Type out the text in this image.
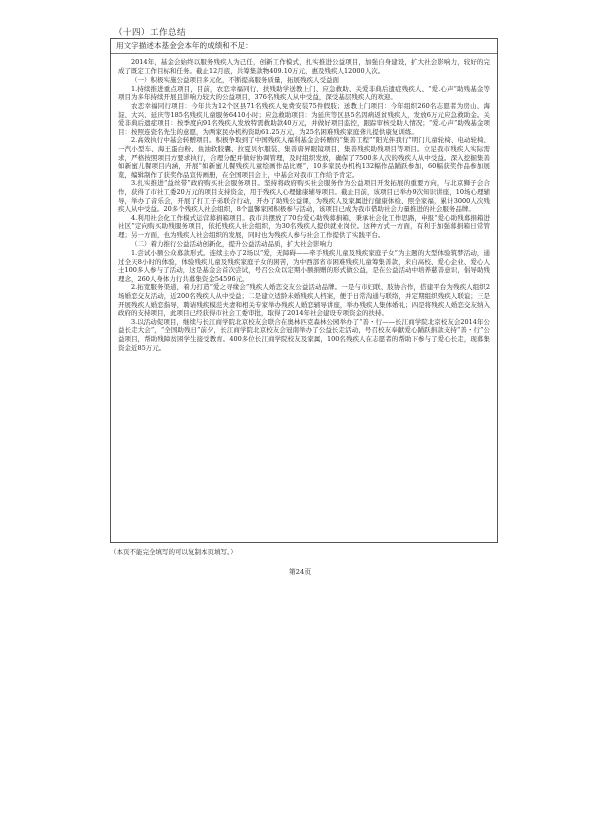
（十四）工作总结
用文字描述本基金会本年的成绩和不足：

2014年，基金会始终以服务残疾人为己任，创新工作模式，扎实推进公益项目，加强自身建设，扩大社会影响力，较好的完成了既定工作目标和任务。截止12月底，共筹集款物409.10万元，惠及残疾人12000人次。

（一）积极实施公益项目多元化，不断提高服务质量，拓展残疾人受益面

1.持续推进重点项目，目前，农恋幸福同行、扶残助学送教上门、应急救助、关爱非典后遗症残疾人、“爱.心声”助残基金等项目为多年持续开展且影响力较大的公益项目，376名残疾人从中受益，深受基层残疾人的欢迎。

农恋幸福同行项目：今年共为12个区县71名残疾人免费安装75件假肢；送教上门项目：今年组织260名志愿者为房山、海淀、大兴、延庆等185名残疾儿童服务6410小时；应急救助项目：为延庆等区县5名因病返贫残疾人，发放6万元应急救助金。关爱非典后遗症项目：按季度向91名残疾人发放特需救助款40万元，并做好项目监控，跟踪审核受助人情况；“爱.心声”助残基金项目：按照连瓷名先生的意愿，为两家民办机构资助61.25万元，为25名困难残疾家庭聋儿提供康复训练。

2.高效执行中基会转赠项目。积极争取到了中国残疾人福利基金会转赠的“集善工程”“阳光伴我行”明门儿童轮椅、电动轮椅、一汽小型车、海王蛋白粉、鱼油软胶囊、拉夏贝尔服装、集善唐昇眼镜项目、集善残疾助残项目等项目。立足我市残疾人实际需求，严格按照项目方要求执行，合理分配并做好协调管理，及时组织发放，确保了7500多人次的残疾人从中受益。深入挖掘集善如新蜜儿餐项目内涵，开展“如新蜜儿餐残疾儿童绘画作品比赛”，10多家民办机构132幅作品踊跃参加，60幅获奖作品参加展览，编辑制作了获奖作品宣传画册，在全国项目会上，中基会对我市工作给予肯定。

3.扎实推进“益丝带”政府购买社会服务项目。坚持将政府购买社会服务作为公益项目开发拓展的重要方向，与北京狮子会合作，获得了市社工委20万元的项目支持资金，用于残疾人心理健康辅导项目。截止目前，该项目已举办9次知识讲座，10场心理辅导，举办了音乐会，开展了打工子弟联合行动，开办了助残公益课，为残疾人及家属进行健康体检、照全家福，累计3000人次残疾人从中受益。20多个残疾人社会组织，8个温馨家园积极参与活动，该项目已成为我市借助社会力量推进的社会服务品牌。

4.利用社会化工作模式运营募捐箱项目。我市共摆放了70台爱心助残募捐箱，秉承社会化工作思路，申报“爱心助残募捐箱进社区”定向购买助残服务项目，依托残疾人社会组织，为30名残疾人提供就业岗位。这种方式一方面，有利于加强募捐箱日常管理；另一方面，也为残疾人社会组织的发展，同时也为残疾人参与社会工作提供了实践平台。

（二）着力推行公益活动创新化，提升公益活动品质，扩大社会影响力

1.尝试小额公众募款形式。连续主办了2场以“爱，无障碍——牵手残疾儿童及残疾家庭子女”为主题的大型体验筑梦活动，通过全天8小时的体验，体验残疾儿童及残疾家庭子女的困苦，为中西部省市困难残疾儿童筹集善款，来自高校、爱心企业、爱心人士100多人参与了活动，这是基金会首次尝试，号召公众以定期小额捐赠的形式做公益，是在公益活动中培养慈善意识，倡导助残理念，260人身体力行共募集资金54596元。

2.拓宽服务渠道，着力打造“爱之寻缘会”残疾人婚恋交友公益活动品牌。一是与市妇联、肢协合作，搭建平台为残疾人组织2场婚恋交友活动，近200名残疾人从中受益；二是建立适龄未婚残疾人档案，便于日常沟通与联络，并定期组织残疾人联谊；三是开展残疾人婚恋指导，聘请残疾模范夫妻和相关专家举办残疾人婚恋辅导讲座，举办残疾人集体婚礼；四是将残疾人婚恋交友纳入政府的支持项目，此项目已经获得市社会工委审批，取得了2014年社会建设专项资金的扶持。

3.以活动促项目，继续与长江商学院北京校友会联合在奥林匹克森林公园举办了“善・行——长江商学院北京校友会2014年公益长走大会”，“全国助残日”前夕，长江商学院北京校友会冠南举办了公益长走活动，号召校友奉献爱心踊跃捐款支持“善・行”公益项目，帮助残障贫困学生接受教育。400多位长江商学院校友及家属，100名残疾人在志愿者的帮助下参与了爱心长走，现募集资金近85万元。

（本页不能完全填写的可以复制本页填写。）
第24页
